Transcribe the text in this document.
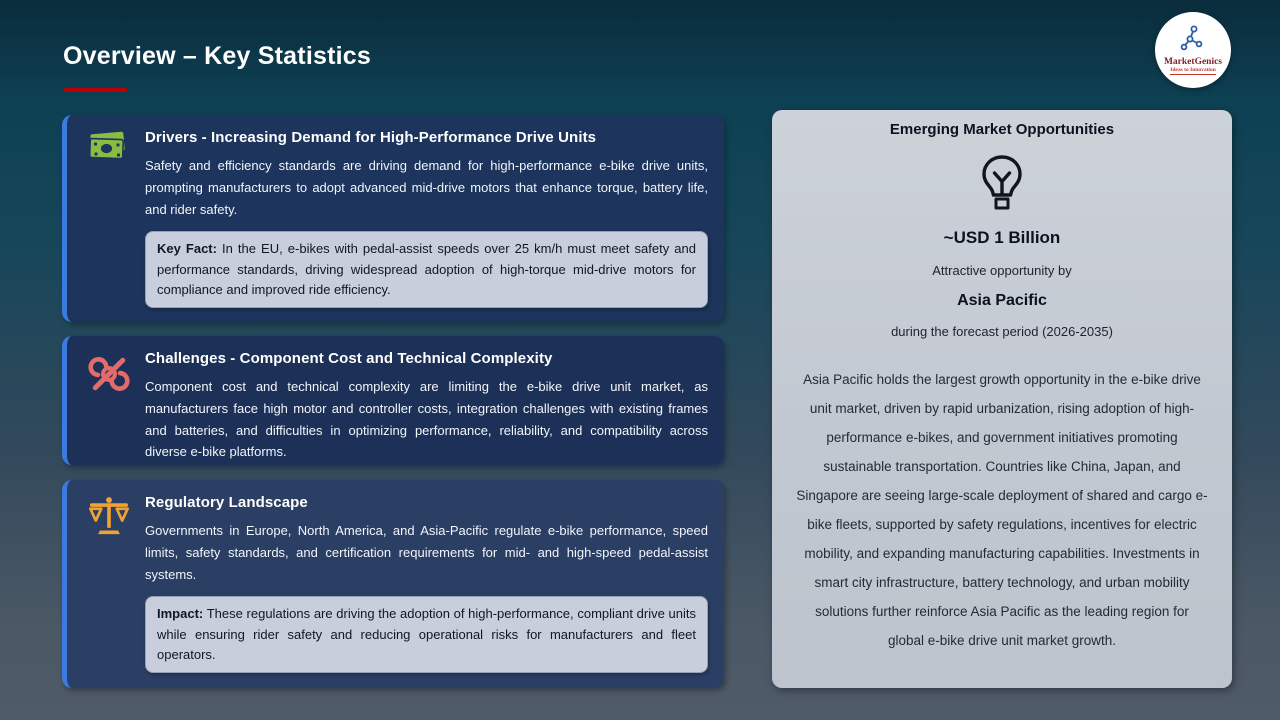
Overview – Key Statistics	MarketGenics
Ideas to Innovation
Drivers - Increasing Demand for High-Performance Drive Units
Safety and efficiency standards are driving demand for high-performance e-bike drive units, prompting manufacturers to adopt advanced mid-drive motors that enhance torque, battery life, and rider safety.
Key Fact: In the EU, e-bikes with pedal-assist speeds over 25 km/h must meet safety and performance standards, driving widespread adoption of high-torque mid-drive motors for compliance and improved ride efficiency.
Challenges - Component Cost and Technical Complexity
Component cost and technical complexity are limiting the e-bike drive unit market, as manufacturers face high motor and controller costs, integration challenges with existing frames and batteries, and difficulties in optimizing performance, reliability, and compatibility across diverse e-bike platforms.
Regulatory Landscape
Governments in Europe, North America, and Asia-Pacific regulate e-bike performance, speed limits, safety standards, and certification requirements for mid- and high-speed pedal-assist systems.
Impact: These regulations are driving the adoption of high-performance, compliant drive units while ensuring rider safety and reducing operational risks for manufacturers and fleet operators.
Emerging Market Opportunities
~USD 1 Billion
Attractive opportunity by
Asia Pacific
during the forecast period (2026-2035)
Asia Pacific holds the largest growth opportunity in the e-bike drive unit market, driven by rapid urbanization, rising adoption of high-performance e-bikes, and government initiatives promoting sustainable transportation. Countries like China, Japan, and Singapore are seeing large-scale deployment of shared and cargo e-bike fleets, supported by safety regulations, incentives for electric mobility, and expanding manufacturing capabilities. Investments in smart city infrastructure, battery technology, and urban mobility solutions further reinforce Asia Pacific as the leading region for global e-bike drive unit market growth.
